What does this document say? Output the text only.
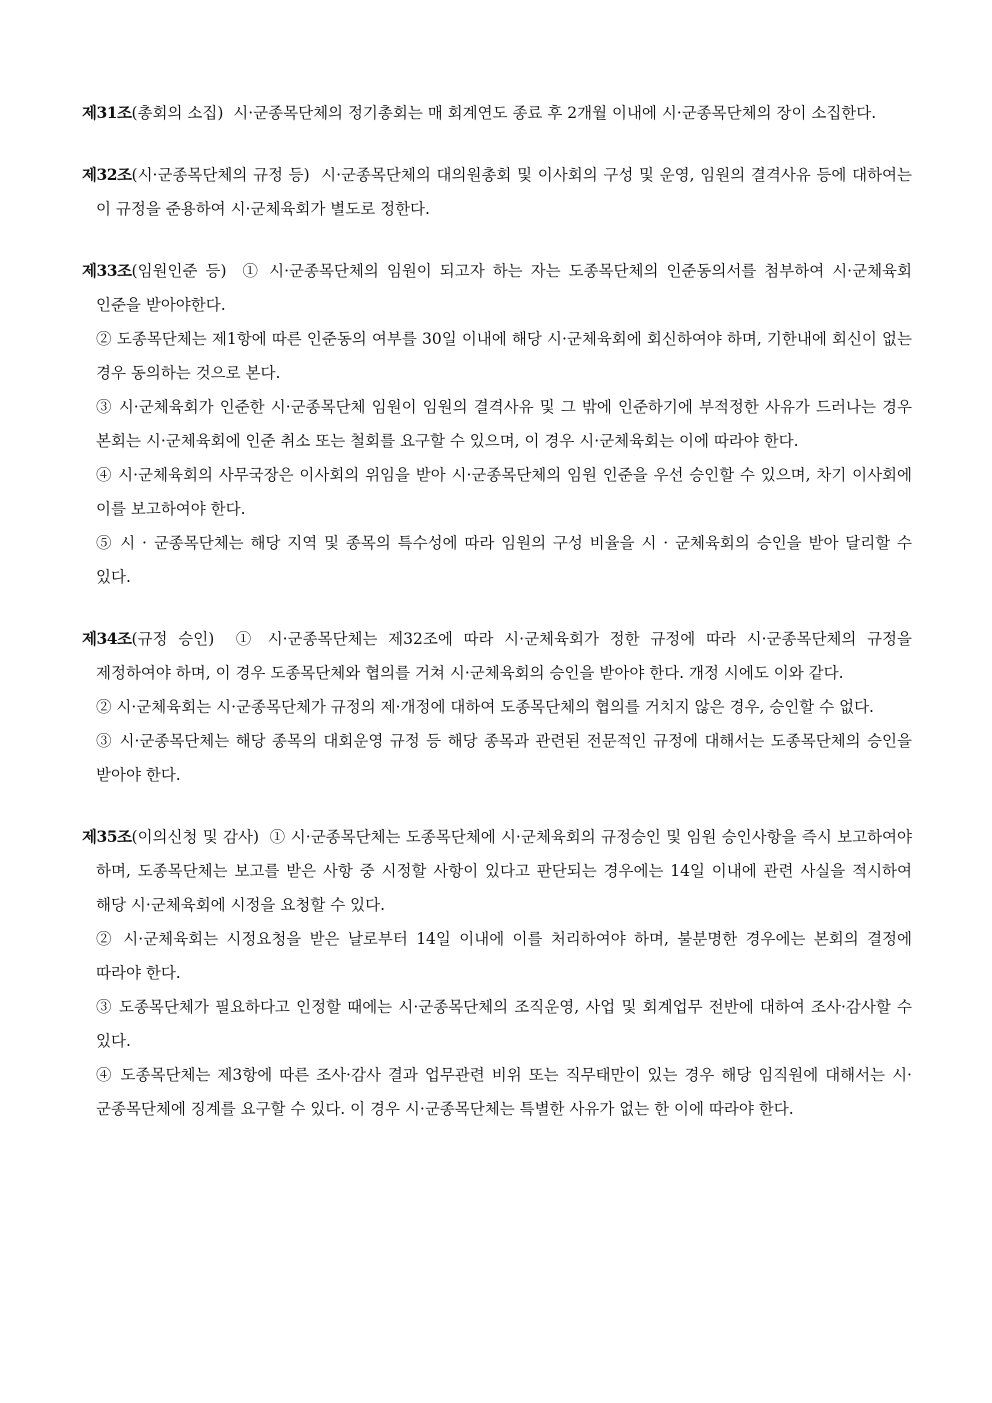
제31조(총회의 소집) 시·군종목단체의 정기총회는 매 회계연도 종료 후 2개월 이내에 시·군종목단체의 장이 소집한다.

제32조(시·군종목단체의 규정 등) 시·군종목단체의 대의원총회 및 이사회의 구성 및 운영, 임원의 결격사유 등에 대하여는 이 규정을 준용하여 시·군체육회가 별도로 정한다.

제33조(임원인준 등) ① 시·군종목단체의 임원이 되고자 하는 자는 도종목단체의 인준동의서를 첨부하여 시·군체육회 인준을 받아야한다.

② 도종목단체는 제1항에 따른 인준동의 여부를 30일 이내에 해당 시·군체육회에 회신하여야 하며, 기한내에 회신이 없는 경우 동의하는 것으로 본다.

③ 시·군체육회가 인준한 시·군종목단체 임원이 임원의 결격사유 및 그 밖에 인준하기에 부적정한 사유가 드러나는 경우 본회는 시·군체육회에 인준 취소 또는 철회를 요구할 수 있으며, 이 경우 시·군체육회는 이에 따라야 한다.

④ 시·군체육회의 사무국장은 이사회의 위임을 받아 시·군종목단체의 임원 인준을 우선 승인할 수 있으며, 차기 이사회에 이를 보고하여야 한다.

⑤ 시 · 군종목단체는 해당 지역 및 종목의 특수성에 따라 임원의 구성 비율을 시 · 군체육회의 승인을 받아 달리할 수 있다.

제34조(규정 승인) ① 시·군종목단체는 제32조에 따라 시·군체육회가 정한 규정에 따라 시·군종목단체의 규정을 제정하여야 하며, 이 경우 도종목단체와 협의를 거쳐 시·군체육회의 승인을 받아야 한다. 개정 시에도 이와 같다.

② 시·군체육회는 시·군종목단체가 규정의 제·개정에 대하여 도종목단체의 협의를 거치지 않은 경우, 승인할 수 없다.

③ 시·군종목단체는 해당 종목의 대회운영 규정 등 해당 종목과 관련된 전문적인 규정에 대해서는 도종목단체의 승인을 받아야 한다.

제35조(이의신청 및 감사) ① 시·군종목단체는 도종목단체에 시·군체육회의 규정승인 및 임원 승인사항을 즉시 보고하여야 하며, 도종목단체는 보고를 받은 사항 중 시정할 사항이 있다고 판단되는 경우에는 14일 이내에 관련 사실을 적시하여 해당 시·군체육회에 시정을 요청할 수 있다.

② 시·군체육회는 시정요청을 받은 날로부터 14일 이내에 이를 처리하여야 하며, 불분명한 경우에는 본회의 결정에 따라야 한다.

③ 도종목단체가 필요하다고 인정할 때에는 시·군종목단체의 조직운영, 사업 및 회계업무 전반에 대하여 조사·감사할 수 있다.

④ 도종목단체는 제3항에 따른 조사·감사 결과 업무관련 비위 또는 직무태만이 있는 경우 해당 임직원에 대해서는 시·군종목단체에 징계를 요구할 수 있다. 이 경우 시·군종목단체는 특별한 사유가 없는 한 이에 따라야 한다.
